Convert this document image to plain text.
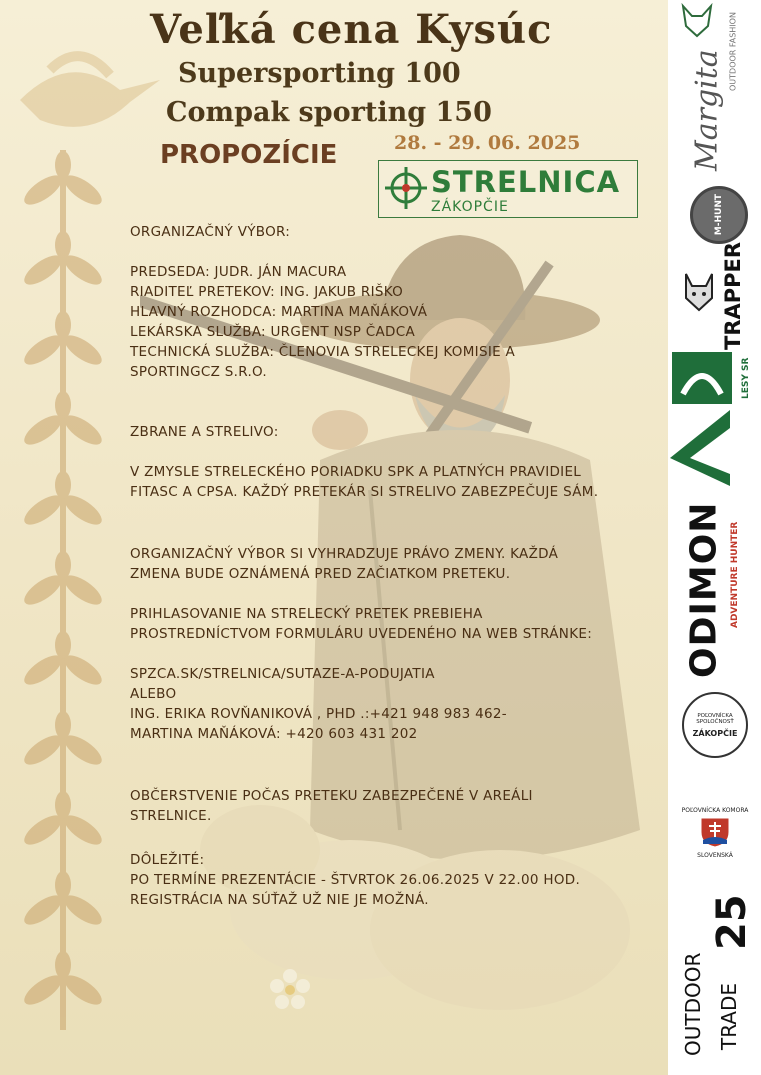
Veľká cena Kysúc
Supersporting 100
Compak sporting 150
28. - 29. 06. 2025
PROPOZÍCIE
STRELNICA
ZÁKOPČIE

ORGANIZAČNÝ VÝBOR:

PREDSEDA: JUDR. JÁN MACURA

RIADITEĽ PRETEKOV: ING. JAKUB RIŠKO

HLAVNÝ ROZHODCA: MARTINA MAŇÁKOVÁ

LEKÁRSKA SLUŽBA: URGENT NSP ČADCA

TECHNICKÁ SLUŽBA: ČLENOVIA STRELECKEJ KOMISIE A SPORTINGCZ S.R.O.

ZBRANE A STRELIVO:

V ZMYSLE STRELECKÉHO PORIADKU SPK A PLATNÝCH PRAVIDIEL FITASC A CPSA. KAŽDÝ PRETEKÁR SI STRELIVO ZABEZPEČUJE SÁM.

ORGANIZAČNÝ VÝBOR SI VYHRADZUJE PRÁVO ZMENY. KAŽDÁ ZMENA BUDE OZNÁMENÁ PRED ZAČIATKOM PRETEKU.

PRIHLASOVANIE NA STRELECKÝ PRETEK PREBIEHA PROSTREDNÍCTVOM FORMULÁRU UVEDENÉHO NA WEB STRÁNKE:

SPZCA.SK/STRELNICA/SUTAZE-A-PODUJATIA

ALEBO

ING. ERIKA ROVŇANIKOVÁ , PHD .:+421 948 983 462-

MARTINA MAŇÁKOVÁ: +420 603 431 202

OBČERSTVENIE POČAS PRETEKU ZABEZPEČENÉ V AREÁLI STRELNICE.

DÔLEŽITÉ:

PO TERMÍNE PREZENTÁCIE - ŠTVRTOK 26.06.2025 V 22.00 HOD. REGISTRÁCIA NA SÚŤAŽ UŽ NIE JE MOŽNÁ.

Margita OUTDOOR FASHION
M-HUNT
TRAPPER
LESY SR
ODIMON ADVENTURE HUNTER
POĽOVNÍCKA SPOLOČNOSŤ
ZÁKOPČIE
POĽOVNÍCKA KOMORA
SLOVENSKÁ
25
OUTDOOR TRADE
